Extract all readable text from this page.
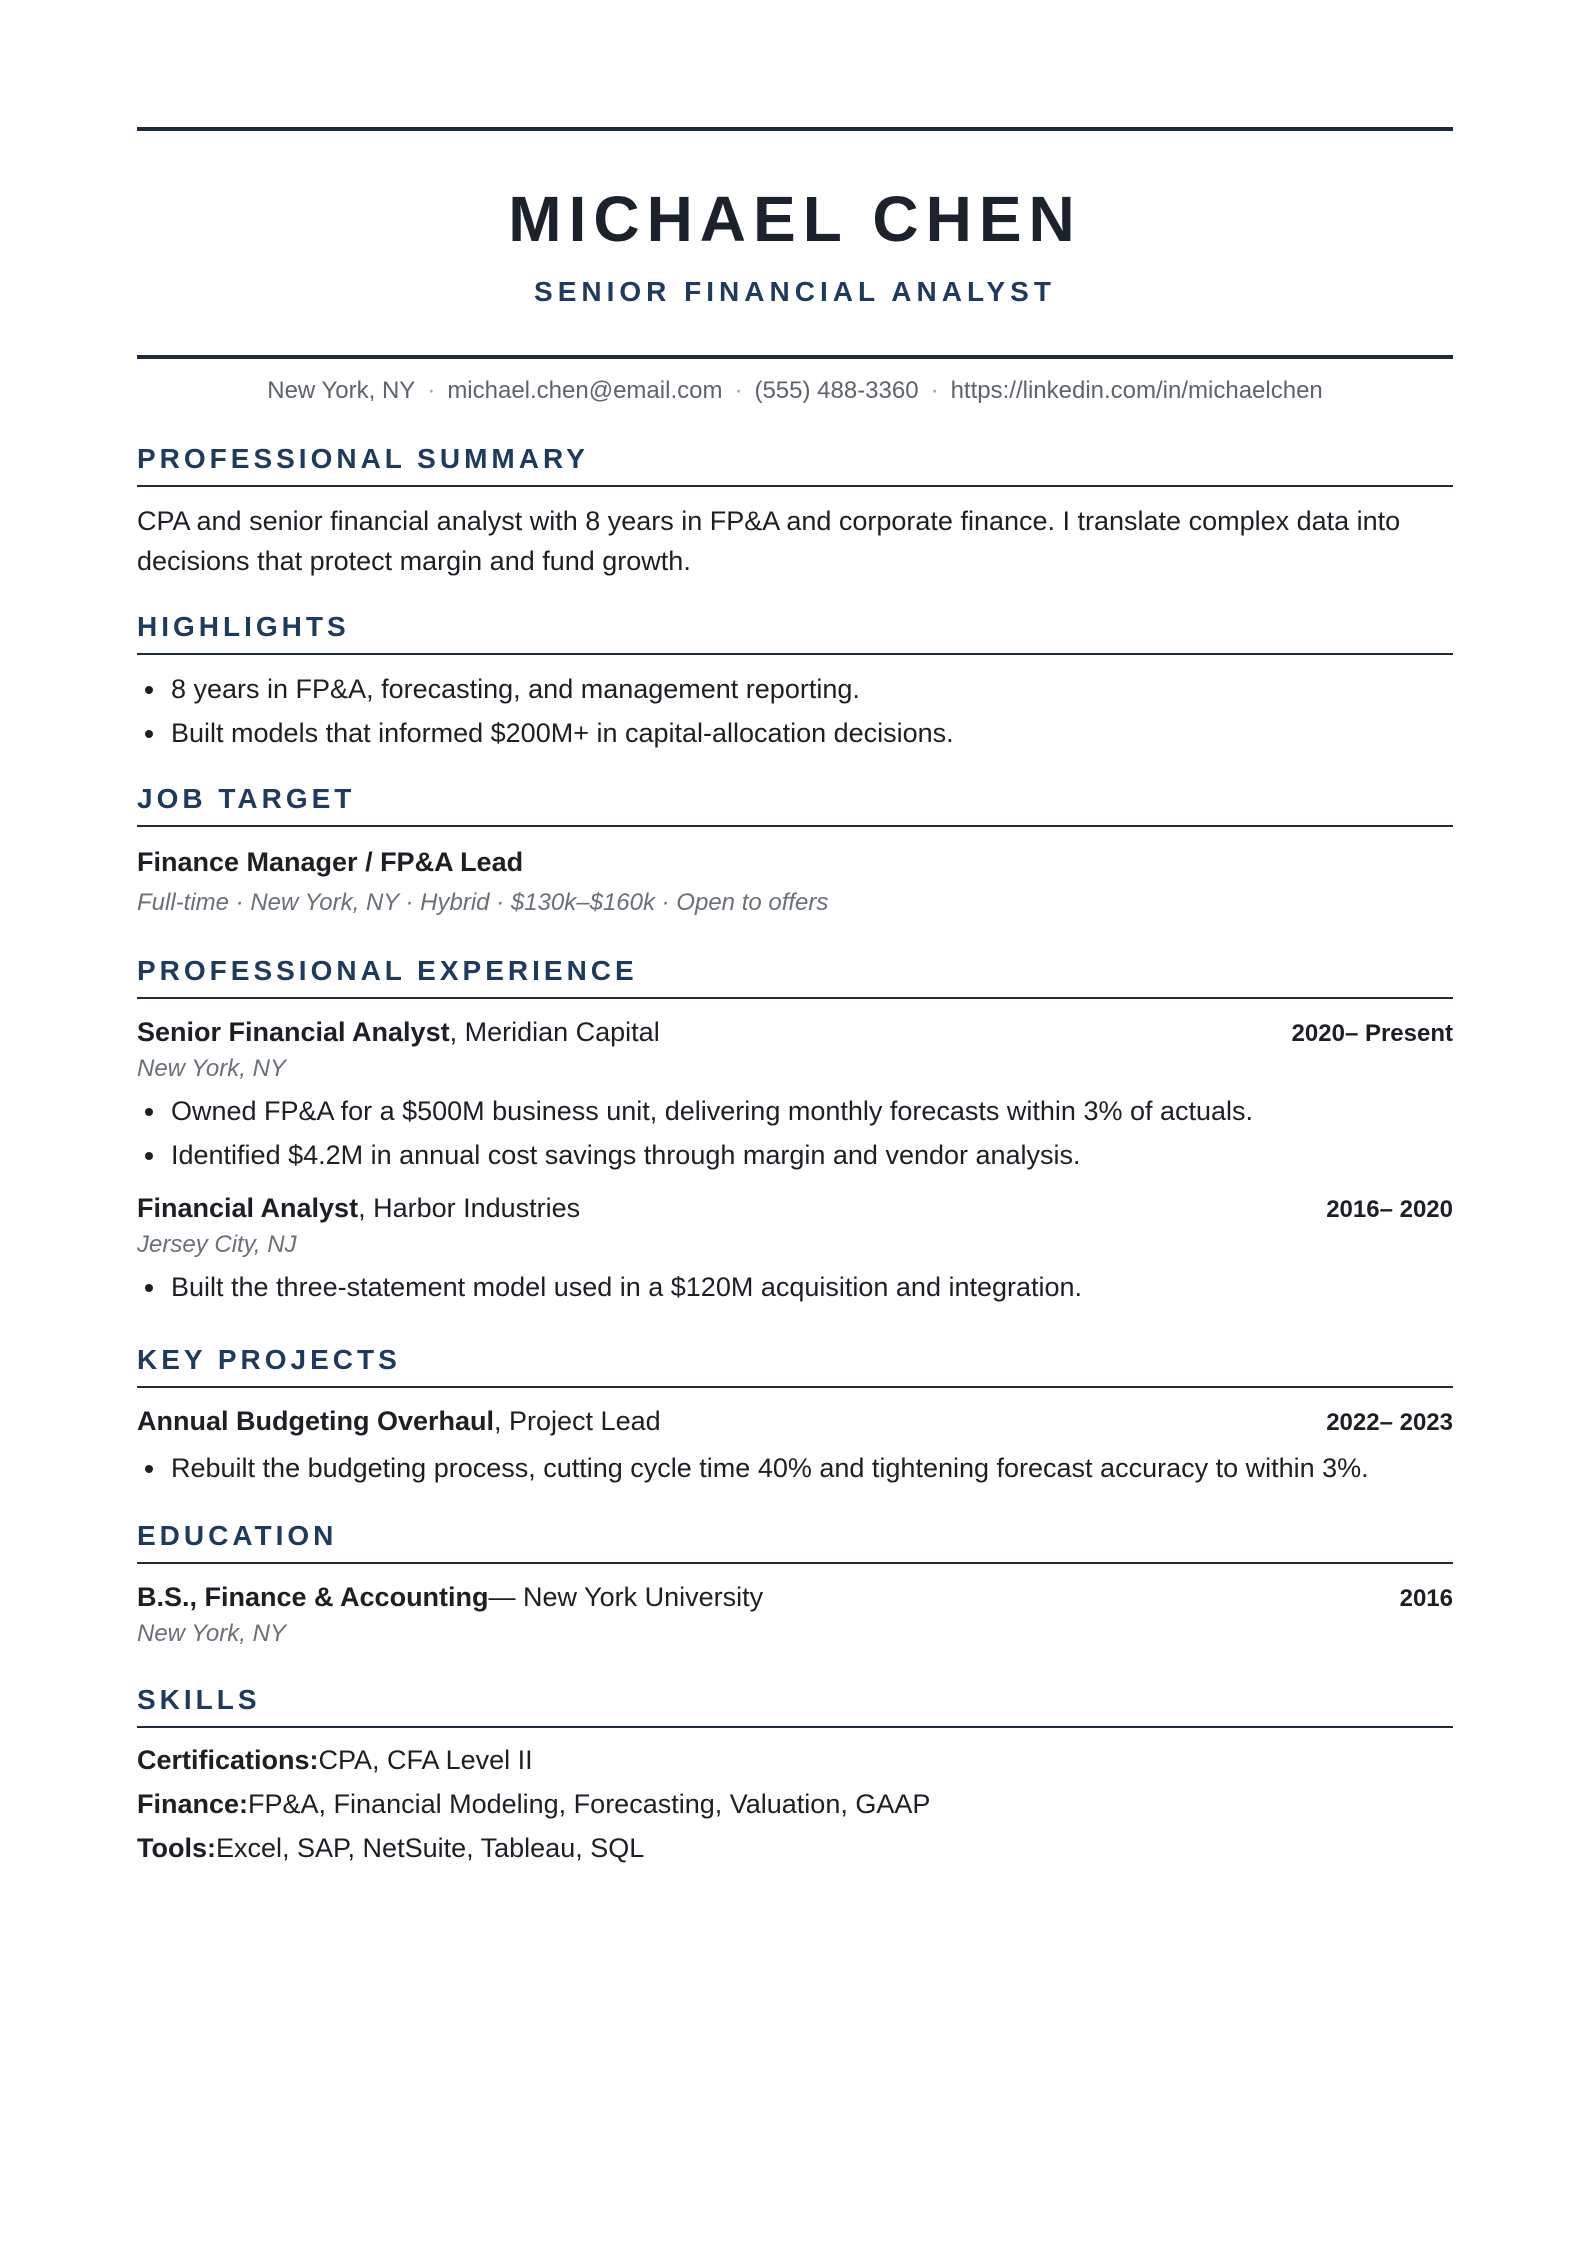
MICHAEL CHEN
SENIOR FINANCIAL ANALYST
New York, NY · michael.chen@email.com · (555) 488-3360 · https://linkedin.com/in/michaelchen
PROFESSIONAL SUMMARY
CPA and senior financial analyst with 8 years in FP&A and corporate finance. I translate complex data into decisions that protect margin and fund growth.
HIGHLIGHTS
8 years in FP&A, forecasting, and management reporting.
Built models that informed $200M+ in capital-allocation decisions.
JOB TARGET
Finance Manager / FP&A Lead
Full-time · New York, NY · Hybrid · $130k–$160k · Open to offers
PROFESSIONAL EXPERIENCE
Senior Financial Analyst, Meridian Capital	2020– Present
New York, NY
Owned FP&A for a $500M business unit, delivering monthly forecasts within 3% of actuals.
Identified $4.2M in annual cost savings through margin and vendor analysis.
Financial Analyst, Harbor Industries	2016– 2020
Jersey City, NJ
Built the three-statement model used in a $120M acquisition and integration.
KEY PROJECTS
Annual Budgeting Overhaul, Project Lead	2022– 2023
Rebuilt the budgeting process, cutting cycle time 40% and tightening forecast accuracy to within 3%.
EDUCATION
B.S., Finance & Accounting— New York University	2016
New York, NY
SKILLS
Certifications:CPA, CFA Level II
Finance:FP&A, Financial Modeling, Forecasting, Valuation, GAAP
Tools:Excel, SAP, NetSuite, Tableau, SQL
